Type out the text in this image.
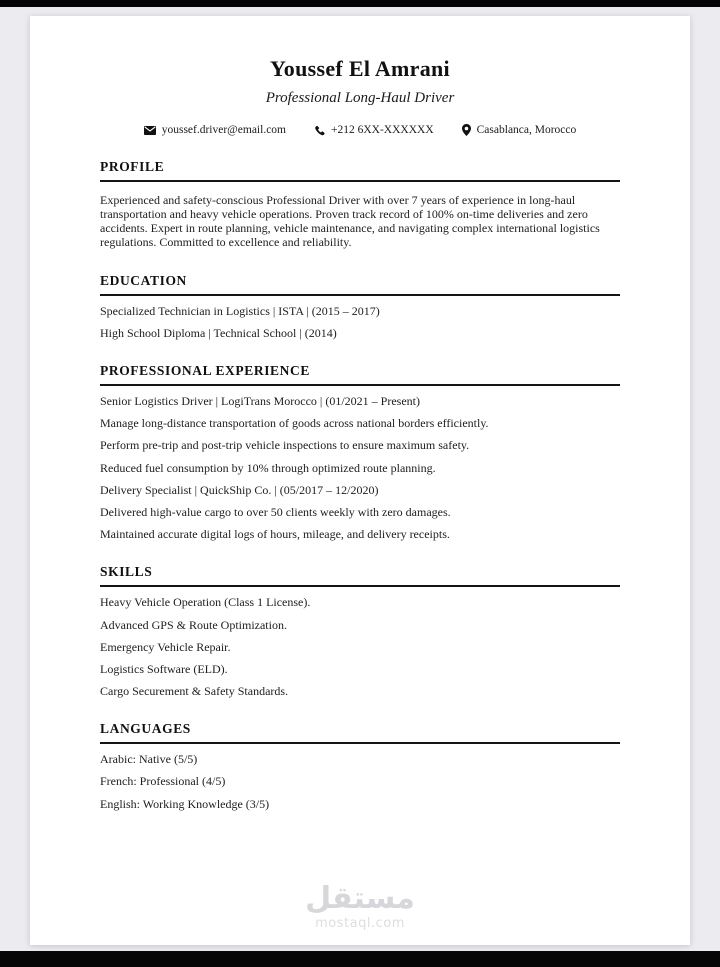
Youssef El Amrani
Professional Long-Haul Driver
youssef.driver@email.com	+212 6XX-XXXXXX	Casablanca, Morocco
PROFILE

Experienced and safety-conscious Professional Driver with over 7 years of experience in long-haul transportation and heavy vehicle operations. Proven track record of 100% on-time deliveries and zero accidents. Expert in route planning, vehicle maintenance, and navigating complex international logistics regulations. Committed to excellence and reliability.

EDUCATION

Specialized Technician in Logistics | ISTA | (2015 – 2017)

High School Diploma | Technical School | (2014)

PROFESSIONAL EXPERIENCE

Senior Logistics Driver | LogiTrans Morocco | (01/2021 – Present)

Manage long-distance transportation of goods across national borders efficiently.

Perform pre-trip and post-trip vehicle inspections to ensure maximum safety.

Reduced fuel consumption by 10% through optimized route planning.

Delivery Specialist | QuickShip Co. | (05/2017 – 12/2020)

Delivered high-value cargo to over 50 clients weekly with zero damages.

Maintained accurate digital logs of hours, mileage, and delivery receipts.

SKILLS

Heavy Vehicle Operation (Class 1 License).

Advanced GPS & Route Optimization.

Emergency Vehicle Repair.

Logistics Software (ELD).

Cargo Securement & Safety Standards.

LANGUAGES

Arabic: Native (5/5)

French: Professional (4/5)

English: Working Knowledge (3/5)

مستقل
mostaql.com
